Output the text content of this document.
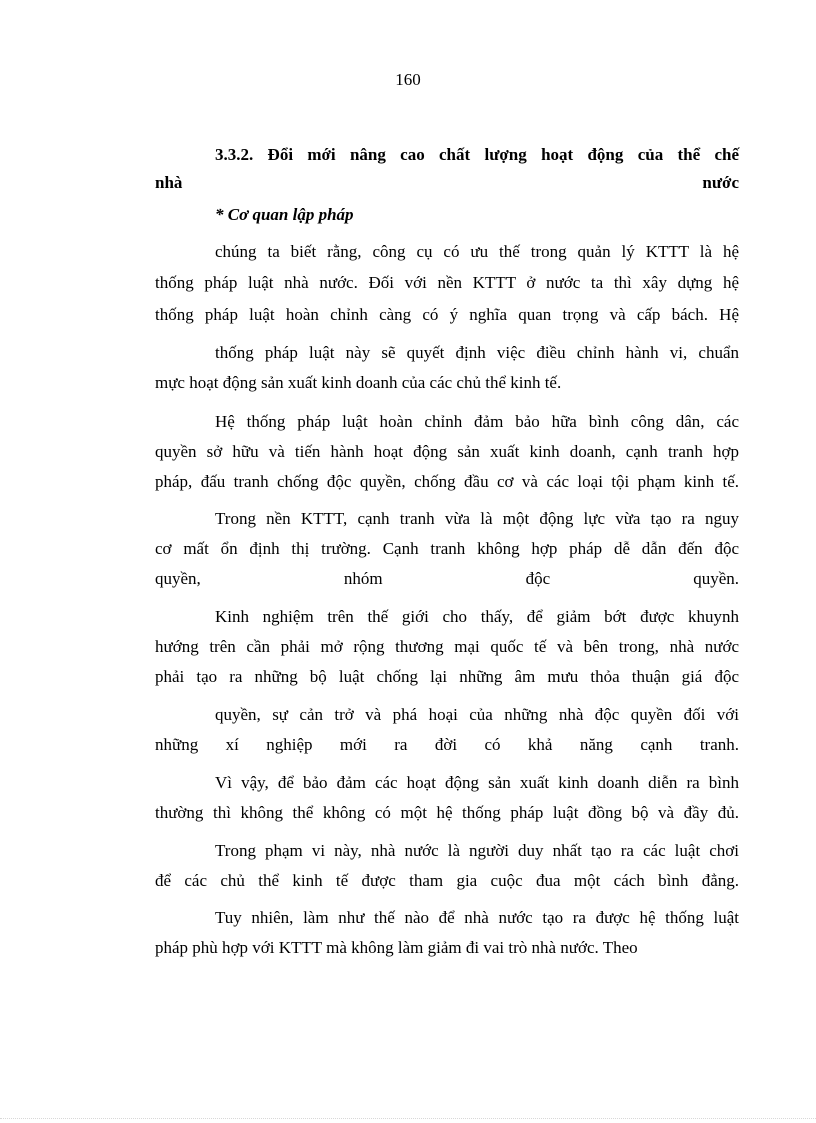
160
3.3.2. Đổi mới nâng cao chất lượng hoạt động của thể chế
nhà	nước
* Cơ quan lập pháp
chúng ta biết rằng, công cụ có ưu thế trong quản lý KTTT là hệ
thống pháp luật nhà nước. Đối với nền KTTT ở nước ta thì xây dựng hệ
thống pháp luật hoàn chỉnh càng có ý nghĩa quan trọng và cấp bách. Hệ
thống pháp luật này sẽ quyết định việc điều chỉnh hành vi, chuẩn
mực hoạt động sản xuất kinh doanh của các chủ thể kinh tế.
Hệ thống pháp luật hoàn chỉnh đảm bảo hữa bình công dân, các
quyền sở hữu và tiến hành hoạt động sản xuất kinh doanh, cạnh tranh hợp
pháp, đấu tranh chống độc quyền, chống đầu cơ và các loại tội phạm kinh tế.
Trong nền KTTT, cạnh tranh vừa là một động lực vừa tạo ra nguy
cơ mất ổn định thị trường. Cạnh tranh không hợp pháp dễ dẫn đến độc
quyền, nhóm độc quyền.
Kinh nghiệm trên thế giới cho thấy, để giảm bớt được khuynh
hướng trên cần phải mở rộng thương mại quốc tế và bên trong, nhà nước
phải tạo ra những bộ luật chống lại những âm mưu thỏa thuận giá độc
quyền, sự cản trở và phá hoại của những nhà độc quyền đối với
những xí nghiệp mới ra đời có khả năng cạnh tranh.
Vì vậy, để bảo đảm các hoạt động sản xuất kinh doanh diễn ra bình
thường thì không thể không có một hệ thống pháp luật đồng bộ và đầy đủ.
Trong phạm vi này, nhà nước là người duy nhất tạo ra các luật chơi
để các chủ thể kinh tế được tham gia cuộc đua một cách bình đẳng.
Tuy nhiên, làm như thế nào để nhà nước tạo ra được hệ thống luật
pháp phù hợp với KTTT mà không làm giảm đi vai trò nhà nước. Theo
